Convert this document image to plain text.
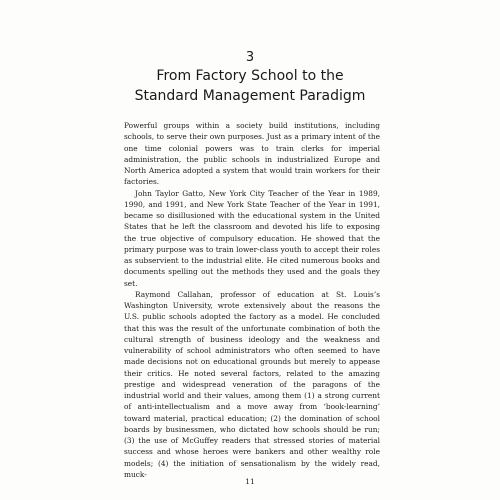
3
From Factory School to the
Standard Management Paradigm

Powerful groups within a society build institutions, including schools, to serve their own purposes. Just as a primary intent of the one time colonial powers was to train clerks for imperial administration, the public schools in industrialized Europe and North America adopted a system that would train workers for their factories.

John Taylor Gatto, New York City Teacher of the Year in 1989, 1990, and 1991, and New York State Teacher of the Year in 1991, became so disillusioned with the educational system in the United States that he left the classroom and devoted his life to exposing the true objective of compulsory education. He showed that the primary purpose was to train lower-class youth to accept their roles as subservient to the industrial elite. He cited numerous books and documents spelling out the methods they used and the goals they set.

Raymond Callahan, professor of education at St. Louis’s Washington University, wrote extensively about the reasons the U.S. public schools adopted the factory as a model. He concluded that this was the result of the unfortunate combination of both the cultural strength of business ideology and the weakness and vulnerability of school administrators who often seemed to have made decisions not on educational grounds but merely to appease their critics. He noted several factors, related to the amazing prestige and widespread veneration of the paragons of the industrial world and their values, among them (1) a strong current of anti-intellectualism and a move away from ‘book-learning’ toward material, practical education; (2) the domination of school boards by businessmen, who dictated how schools should be run; (3) the use of McGuffey readers that stressed stories of material success and whose heroes were bankers and other wealthy role models; (4) the initiation of sensationalism by the widely read, muck-

11
